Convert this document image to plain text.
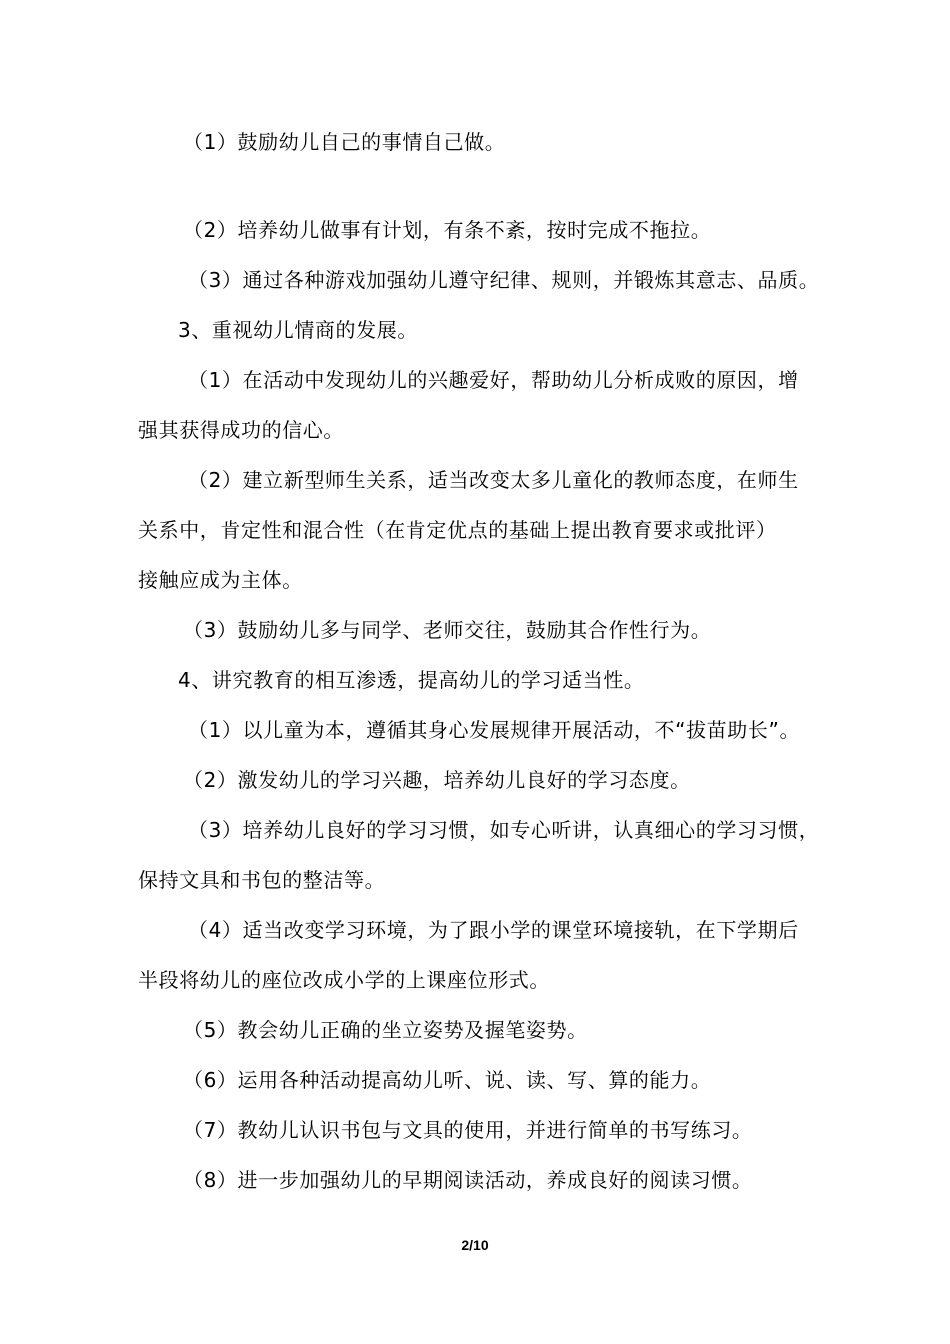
（1）鼓励幼儿自己的事情自己做。
（2）培养幼儿做事有计划，有条不紊，按时完成不拖拉。
（3）通过各种游戏加强幼儿遵守纪律、规则，并锻炼其意志、品质。
3、重视幼儿情商的发展。
（1）在活动中发现幼儿的兴趣爱好，帮助幼儿分析成败的原因，增
强其获得成功的信心。
（2）建立新型师生关系，适当改变太多儿童化的教师态度，在师生
关系中，肯定性和混合性（在肯定优点的基础上提出教育要求或批评）
接触应成为主体。
（3）鼓励幼儿多与同学、老师交往，鼓励其合作性行为。
4、讲究教育的相互渗透，提高幼儿的学习适当性。
（1）以儿童为本，遵循其身心发展规律开展活动，不“拔苗助长”。
（2）激发幼儿的学习兴趣，培养幼儿良好的学习态度。
（3）培养幼儿良好的学习习惯，如专心听讲，认真细心的学习习惯，
保持文具和书包的整洁等。
（4）适当改变学习环境，为了跟小学的课堂环境接轨，在下学期后
半段将幼儿的座位改成小学的上课座位形式。
（5）教会幼儿正确的坐立姿势及握笔姿势。
（6）运用各种活动提高幼儿听、说、读、写、算的能力。
（7）教幼儿认识书包与文具的使用，并进行简单的书写练习。
（8）进一步加强幼儿的早期阅读活动，养成良好的阅读习惯。
2/10
